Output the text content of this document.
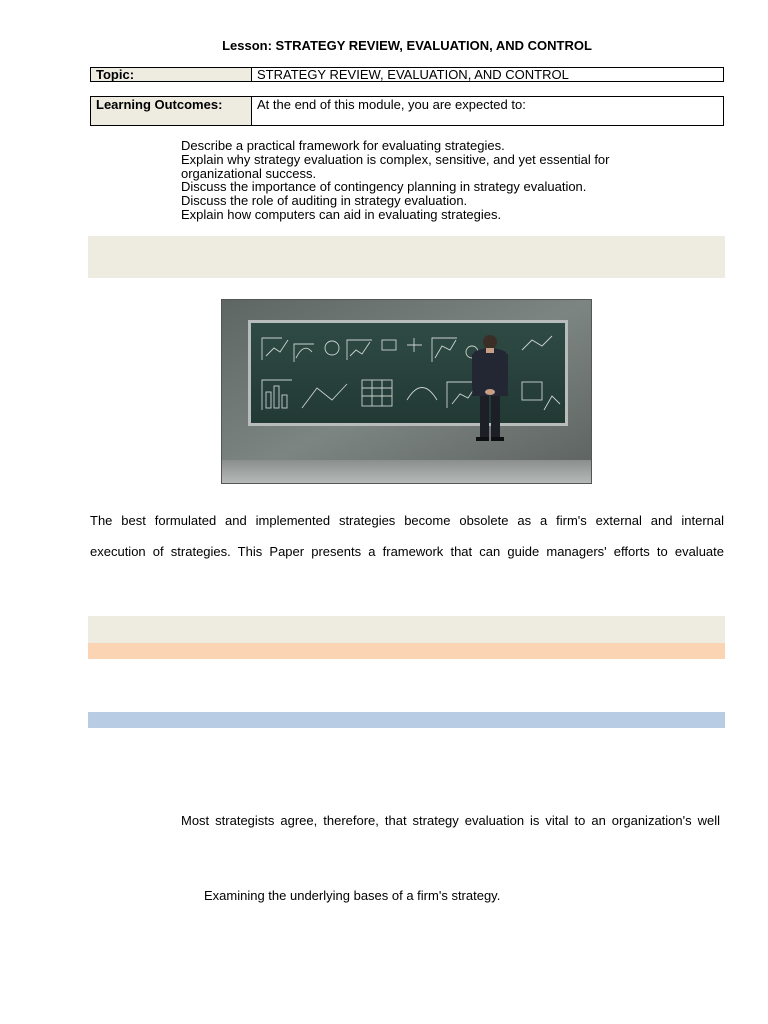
Lesson: STRATEGY REVIEW, EVALUATION, AND CONTROL
Topic:	STRATEGY REVIEW, EVALUATION, AND CONTROL
Learning Outcomes:	At the end of this module, you are expected to:
Describe a practical framework for evaluating strategies.
Explain why strategy evaluation is complex, sensitive, and yet essential for
organizational success.
Discuss the importance of contingency planning in strategy evaluation.
Discuss the role of auditing in strategy evaluation.
Explain how computers can aid in evaluating strategies.
The best formulated and implemented strategies become obsolete as a firm's external and internal
execution of strategies. This Paper presents a framework that can guide managers' efforts to evaluate
Most strategists agree, therefore, that strategy evaluation is vital to an organization's well
Examining the underlying bases of a firm's strategy.
